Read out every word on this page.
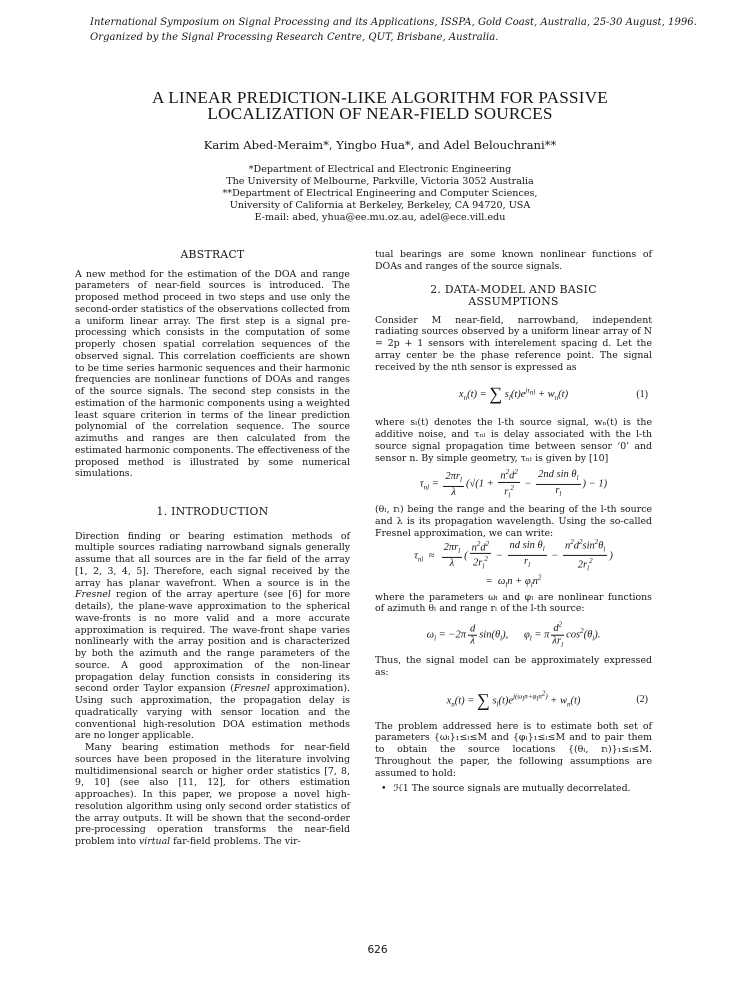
International Symposium on Signal Processing and its Applications, ISSPA, Gold Coast, Australia, 25-30 August, 1996.
Organized by the Signal Processing Research Centre, QUT, Brisbane, Australia.
A LINEAR PREDICTION-LIKE ALGORITHM FOR PASSIVE
LOCALIZATION OF NEAR-FIELD SOURCES
Karim Abed-Meraim*, Yingbo Hua*, and Adel Belouchrani**
*Department of Electrical and Electronic Engineering
The University of Melbourne, Parkville, Victoria 3052 Australia
**Department of Electrical Engineering and Computer Sciences,
University of California at Berkeley, Berkeley, CA 94720, USA
E-mail: abed, yhua@ee.mu.oz.au, adel@ece.vill.edu
ABSTRACT

A new method for the estimation of the DOA and range parameters of near-field sources is introduced. The proposed method proceed in two steps and use only the second-order statistics of the observations collected from a uniform linear array. The first step is a signal pre-processing which consists in the computation of some properly chosen spatial correlation sequences of the observed signal. This correlation coefficients are shown to be time series harmonic sequences and their harmonic frequencies are nonlinear functions of DOAs and ranges of the source signals. The second step consists in the estimation of the harmonic components using a weighted least square criterion in terms of the linear prediction polynomial of the correlation sequence. The source azimuths and ranges are then calculated from the estimated harmonic components. The effectiveness of the proposed method is illustrated by some numerical simulations.

1. INTRODUCTION

Direction finding or bearing estimation methods of multiple sources radiating narrowband signals generally assume that all sources are in the far field of the array [1, 2, 3, 4, 5]. Therefore, each signal received by the array has planar wavefront. When a source is in the Fresnel region of the array aperture (see [6] for more details), the plane-wave approximation to the spherical wave-fronts is no more valid and a more accurate approximation is required. The wave-front shape varies nonlinearly with the array position and is characterized by both the azimuth and the range parameters of the source. A good approximation of the non-linear propagation delay function consists in considering its second order Taylor expansion (Fresnel approximation). Using such approximation, the propagation delay is quadratically varying with sensor location and the conventional high-resolution DOA estimation methods are no longer applicable.

Many bearing estimation methods for near-field sources have been proposed in the literature involving multidimensional search or higher order statistics [7, 8, 9, 10] (see also [11, 12], for others estimation approaches). In this paper, we propose a novel high-resolution algorithm using only second order statistics of the array outputs. It will be shown that the second-order pre-processing operation transforms the near-field problem into virtual far-field problems. The vir-

tual bearings are some known nonlinear functions of DOAs and ranges of the source signals.

2. DATA-MODEL AND BASIC
ASSUMPTIONS

Consider M near-field, narrowband, independent radiating sources observed by a uniform linear array of N = 2p + 1 sensors with interelement spacing d. Let the array center be the phase reference point. The signal received by the nth sensor is expressed as

$x_n(t)$ = ∑ $s_l(t)e^{j\tau_{nl}} + w_n(t)$	(1)

where sₗ(t) denotes the l-th source signal, wₙ(t) is the additive noise, and τₙₗ is delay associated with the l-th source signal propagation time between sensor ‘0’ and sensor n. By simple geometry, τₙₗ is given by [10]

$\tau_{nl} = \frac{2\pi r_l}{\lambda} (√(1 + \frac{n^2d^2}{r_l^2} - \frac{2nd \sin \theta_l}{r_l}$ ) − 1)

(θₗ, rₗ) being the range and the bearing of the l-th source and λ is its propagation wavelength. Using the so-called Fresnel approximation, we can write:

$\tau_{nl} \approx \frac{2\pi r_l}{\lambda}$ ( $\frac{n^2d^2}{2r_l^2} - \frac{nd \sin \theta_l}{r_l} - \frac{n^2d^2\sin^2\theta_l}{2r_l^2}$ )
=  $\omega_ln + \varphi_ln^2$

where the parameters ωₗ and φₗ are nonlinear functions of azimuth θₗ and range rₗ of the l-th source:

$\omega_l = -2\pi \frac{d}{\lambda} \sin(\theta_l)$,      $\varphi_l = \pi \frac{d^2}{\lambda r_l} \cos^2(\theta_l)$.

Thus, the signal model can be approximately expressed as:

$x_n(t)$ = ∑ $s_l(t)e^{j(\omega_ln+\varphi_ln^2)} + w_n(t)$	(2)

The problem addressed here is to estimate both set of parameters {ωₗ}₁≤ₗ≤M and {φₗ}₁≤ₗ≤M and to pair them to obtain the source locations {(θₗ, rₗ)}₁≤ₗ≤M. Throughout the paper, the following assumptions are assumed to hold:

• ℋ1 The source signals are mutually decorrelated.

626
